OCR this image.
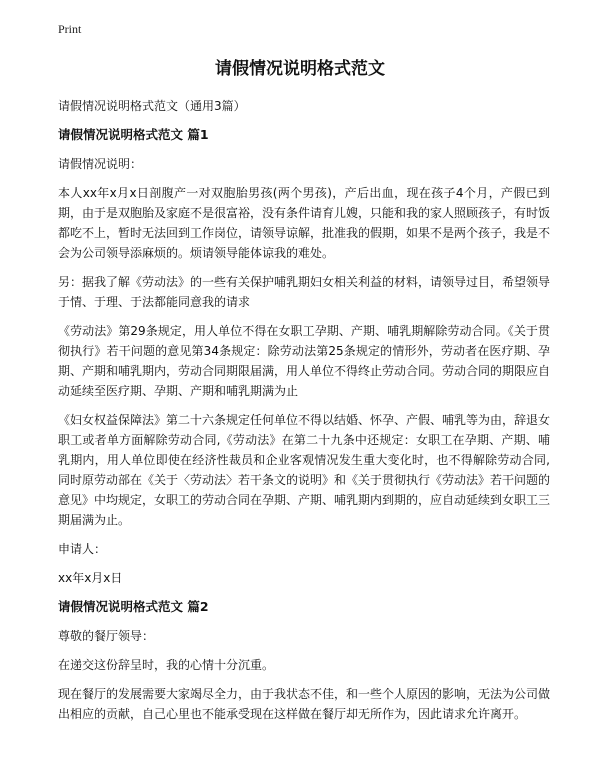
Print
请假情况说明格式范文

请假情况说明格式范文（通用3篇）

请假情况说明格式范文 篇1

请假情况说明：

本人xx年x月x日剖腹产一对双胞胎男孩(两个男孩)，产后出血，现在孩子4个月，产假已到期，由于是双胞胎及家庭不是很富裕，没有条件请育儿嫂，只能和我的家人照顾孩子，有时饭都吃不上，暂时无法回到工作岗位，请领导谅解，批准我的假期，如果不是两个孩子，我是不会为公司领导添麻烦的。烦请领导能体谅我的难处。

另：据我了解《劳动法》的一些有关保护哺乳期妇女相关利益的材料，请领导过目，希望领导于情、于理、于法都能同意我的请求

《劳动法》第29条规定，用人单位不得在女职工孕期、产期、哺乳期解除劳动合同。《关于贯彻执行》若干问题的意见第34条规定：除劳动法第25条规定的情形外，劳动者在医疗期、孕期、产期和哺乳期内，劳动合同期限届满，用人单位不得终止劳动合同。劳动合同的期限应自动延续至医疗期、孕期、产期和哺乳期满为止

《妇女权益保障法》第二十六条规定任何单位不得以结婚、怀孕、产假、哺乳等为由，辞退女职工或者单方面解除劳动合同,《劳动法》在第二十九条中还规定：女职工在孕期、产期、哺乳期内，用人单位即使在经济性裁员和企业客观情况发生重大变化时，也不得解除劳动合同,同时原劳动部在《关于〈劳动法〉若干条文的说明》和《关于贯彻执行《劳动法》若干问题的意见》中均规定，女职工的劳动合同在孕期、产期、哺乳期内到期的，应自动延续到女职工三期届满为止。

申请人：

xx年x月x日

请假情况说明格式范文 篇2

尊敬的餐厅领导：

在递交这份辞呈时，我的心情十分沉重。

现在餐厅的发展需要大家竭尽全力，由于我状态不佳，和一些个人原因的影响，无法为公司做出相应的贡献，自己心里也不能承受现在这样做在餐厅却无所作为，因此请求允许离开。
